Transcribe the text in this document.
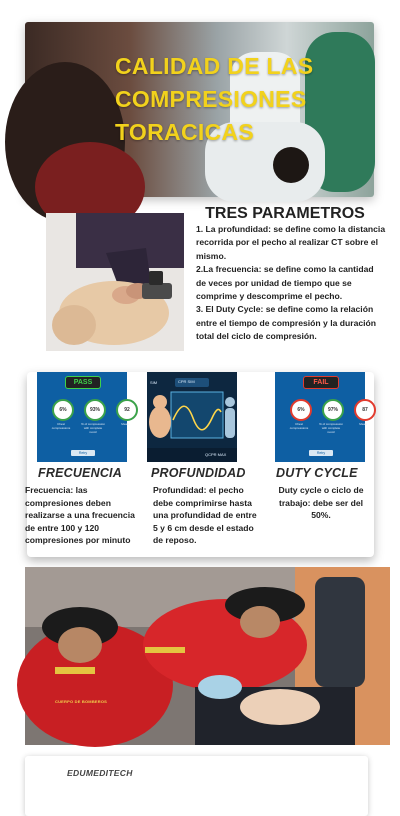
CALIDAD DE LAS COMPRESIONES TORACICAS
TRES PARAMETROS

1. La profundidad: se define como la distancia recorrida por el pecho al realizar CT sobre el mismo.

2.La frecuencia: se define como la cantidad de veces por unidad de tiempo que se comprime y descomprime el pecho.

3. El Duty Cycle: se define como la relación entre el tiempo de compresión y la duración total del ciclo de compresión.

PASS
6%	93%	92
Chest compressions
% of compression with complete recoil
Mean
Retry
CPR SIM
SIM
QCPR MAX
FAIL
6%	97%	87
Chest compressions
% of compression with complete recoil
Mean
Retry
FRECUENCIA PROFUNDIDAD DUTY CYCLE
Frecuencia: las compresiones deben realizarse a una frecuencia de entre 100 y 120 compresiones por minuto
Profundidad: el pecho debe comprimirse hasta una profundidad de entre 5 y 6 cm desde el estado de reposo.
Duty cycle o ciclo de trabajo: debe ser del 50%.
CUERPO DE BOMBEROS
EDUMEDITECH
